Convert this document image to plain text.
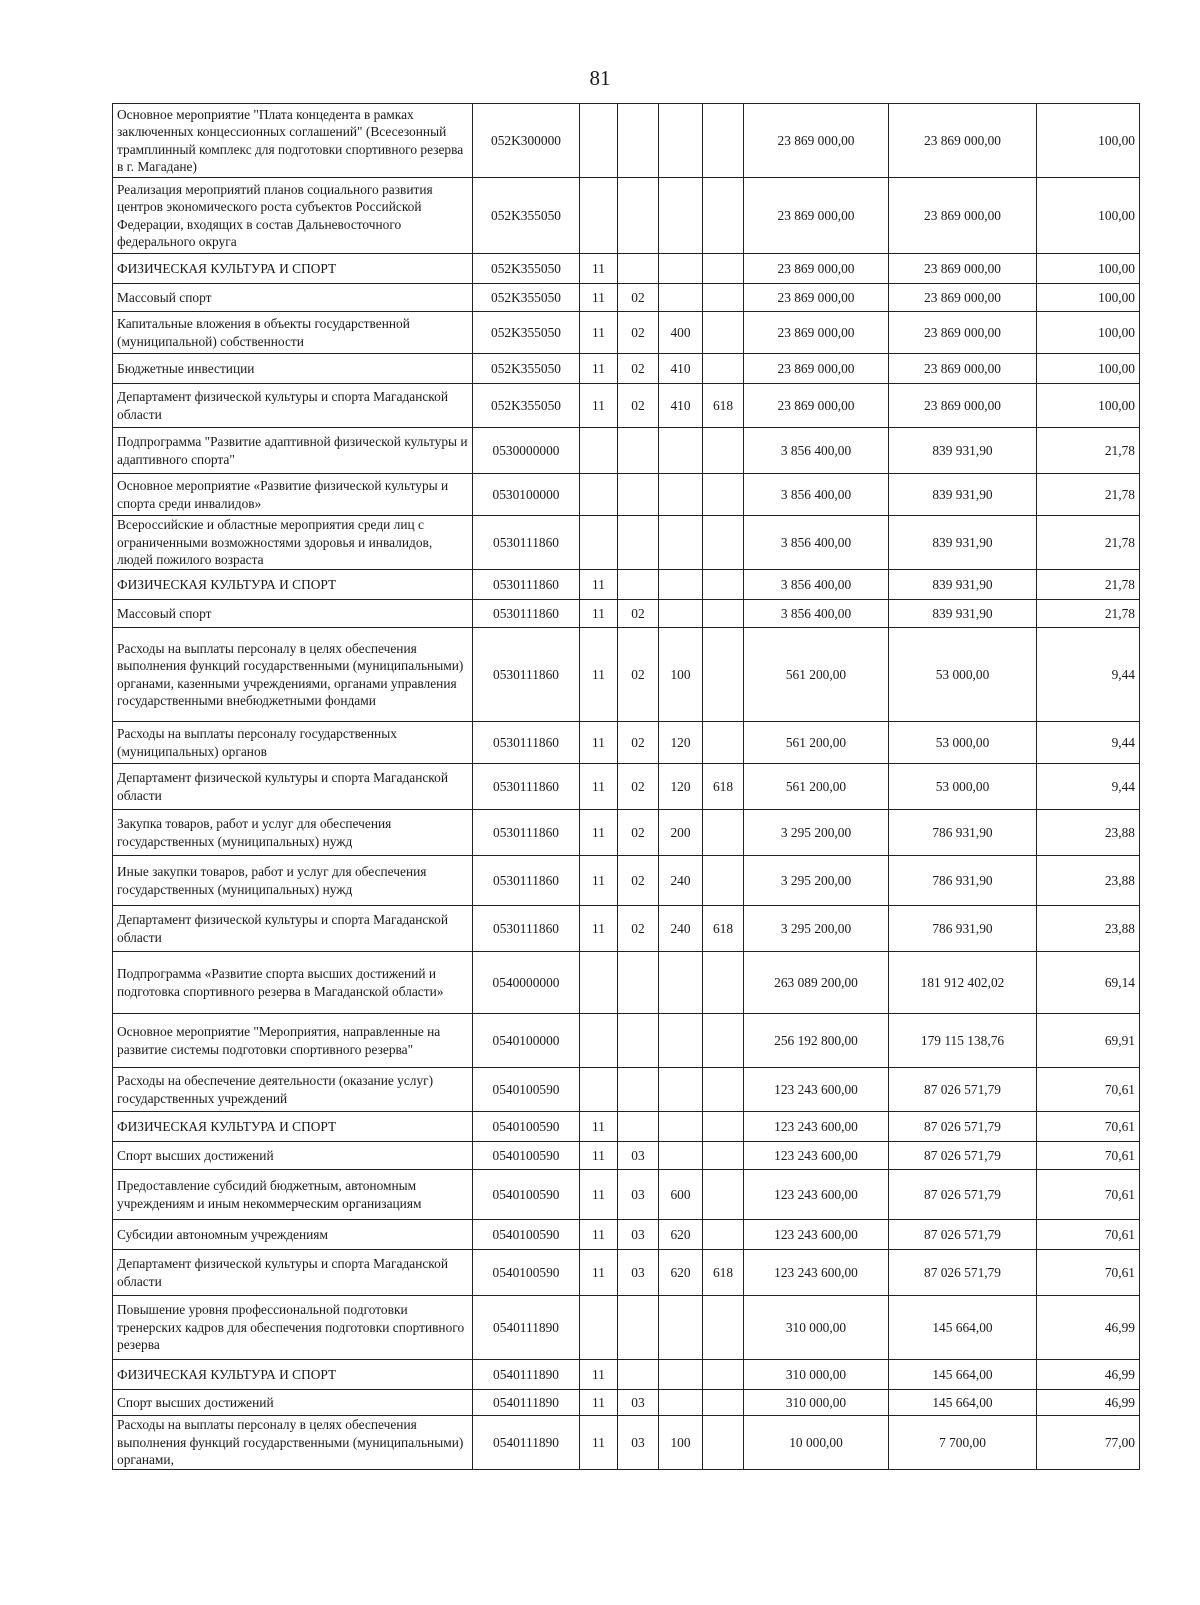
81
Основное мероприятие "Плата концедента в рамках заключенных концессионных соглашений" (Всесезонный трамплинный комплекс для подготовки спортивного резерва в г. Магадане)	052K300000					23 869 000,00	23 869 000,00	100,00
Реализация мероприятий планов социального развития центров экономического роста субъектов Российской Федерации, входящих в состав Дальневосточного федерального округа	052K355050					23 869 000,00	23 869 000,00	100,00
ФИЗИЧЕСКАЯ КУЛЬТУРА И СПОРТ	052K355050	11				23 869 000,00	23 869 000,00	100,00
Массовый спорт	052K355050	11	02			23 869 000,00	23 869 000,00	100,00
Капитальные вложения в объекты государственной (муниципальной) собственности	052K355050	11	02	400		23 869 000,00	23 869 000,00	100,00
Бюджетные инвестиции	052K355050	11	02	410		23 869 000,00	23 869 000,00	100,00
Департамент физической культуры и спорта Магаданской области	052K355050	11	02	410	618	23 869 000,00	23 869 000,00	100,00
Подпрограмма "Развитие адаптивной физической культуры и адаптивного спорта"	0530000000					3 856 400,00	839 931,90	21,78
Основное мероприятие «Развитие физической культуры и спорта среди инвалидов»	0530100000					3 856 400,00	839 931,90	21,78
Всероссийские и областные мероприятия среди лиц с ограниченными возможностями здоровья и инвалидов, людей пожилого возраста	0530111860					3 856 400,00	839 931,90	21,78
ФИЗИЧЕСКАЯ КУЛЬТУРА И СПОРТ	0530111860	11				3 856 400,00	839 931,90	21,78
Массовый спорт	0530111860	11	02			3 856 400,00	839 931,90	21,78
Расходы на выплаты персоналу в целях обеспечения выполнения функций государственными (муниципальными) органами, казенными учреждениями, органами управления государственными внебюджетными фондами	0530111860	11	02	100		561 200,00	53 000,00	9,44
Расходы на выплаты персоналу государственных (муниципальных) органов	0530111860	11	02	120		561 200,00	53 000,00	9,44
Департамент физической культуры и спорта Магаданской области	0530111860	11	02	120	618	561 200,00	53 000,00	9,44
Закупка товаров, работ и услуг для обеспечения государственных (муниципальных) нужд	0530111860	11	02	200		3 295 200,00	786 931,90	23,88
Иные закупки товаров, работ и услуг для обеспечения государственных (муниципальных) нужд	0530111860	11	02	240		3 295 200,00	786 931,90	23,88
Департамент физической культуры и спорта Магаданской области	0530111860	11	02	240	618	3 295 200,00	786 931,90	23,88
Подпрограмма «Развитие спорта высших достижений и подготовка спортивного резерва в Магаданской области»	0540000000					263 089 200,00	181 912 402,02	69,14
Основное мероприятие "Мероприятия, направленные на развитие системы подготовки спортивного резерва"	0540100000					256 192 800,00	179 115 138,76	69,91
Расходы на обеспечение деятельности (оказание услуг) государственных учреждений	0540100590					123 243 600,00	87 026 571,79	70,61
ФИЗИЧЕСКАЯ КУЛЬТУРА И СПОРТ	0540100590	11				123 243 600,00	87 026 571,79	70,61
Спорт высших достижений	0540100590	11	03			123 243 600,00	87 026 571,79	70,61
Предоставление субсидий бюджетным, автономным учреждениям и иным некоммерческим организациям	0540100590	11	03	600		123 243 600,00	87 026 571,79	70,61
Субсидии автономным учреждениям	0540100590	11	03	620		123 243 600,00	87 026 571,79	70,61
Департамент физической культуры и спорта Магаданской области	0540100590	11	03	620	618	123 243 600,00	87 026 571,79	70,61
Повышение уровня профессиональной подготовки тренерских кадров для обеспечения подготовки спортивного резерва	0540111890					310 000,00	145 664,00	46,99
ФИЗИЧЕСКАЯ КУЛЬТУРА И СПОРТ	0540111890	11				310 000,00	145 664,00	46,99
Спорт высших достижений	0540111890	11	03			310 000,00	145 664,00	46,99
Расходы на выплаты персоналу в целях обеспечения выполнения функций государственными (муниципальными) органами,	0540111890	11	03	100		10 000,00	7 700,00	77,00
